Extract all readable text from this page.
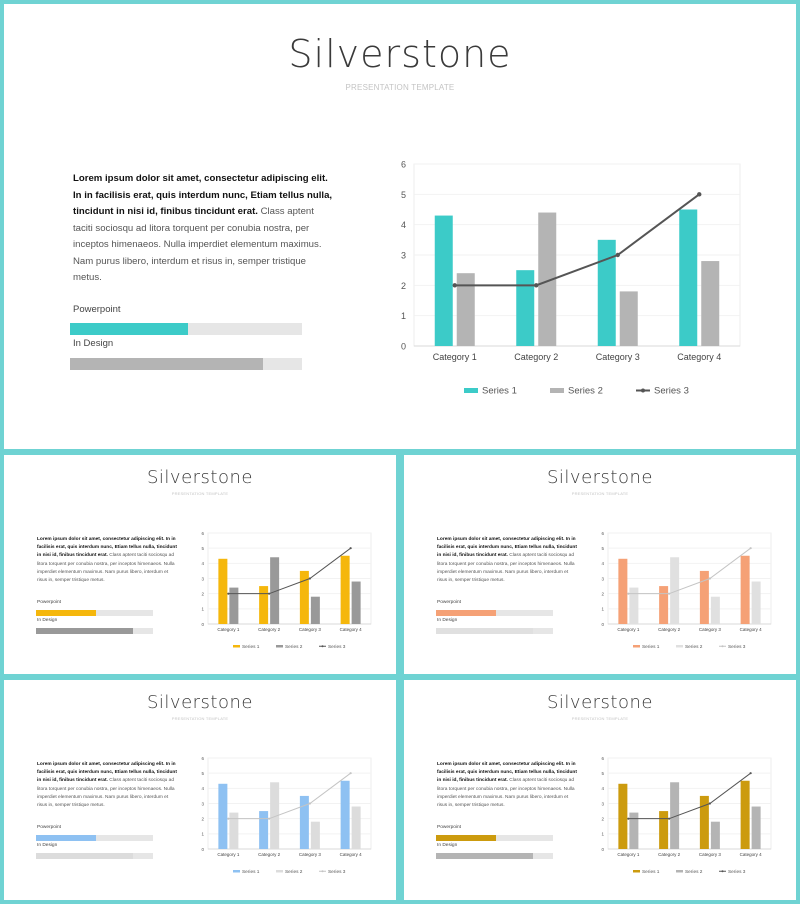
Silverstone
PRESENTATION TEMPLATE
Lorem ipsum dolor sit amet, consectetur adipiscing elit. In in facilisis erat, quis interdum nunc, Etiam tellus nulla, tincidunt in nisi id, finibus tincidunt erat. Class aptent taciti sociosqu ad litora torquent per conubia nostra, per inceptos himenaeos. Nulla imperdiet elementum maximus. Nam purus libero, interdum et risus in, semper tristique metus.
Powerpoint
In Design	0
1
2
3
4
5
6
Category 1	Category 2	Category 3	Category 4
Series 1	Series 2	Series 3
Silverstone
PRESENTATION TEMPLATE
Lorem ipsum dolor sit amet, consectetur adipiscing elit. In in facilisis erat, quis interdum nunc, Etiam tellus nulla, tincidunt in nisi id, finibus tincidunt erat. Class aptent taciti sociosqu ad litora torquent per conubia nostra, per inceptos himenaeos. Nulla imperdiet elementum maximus. Nam purus libero, interdum et risus in, semper tristique metus.
Powerpoint
In Design
0
1
2
3
4
5
6
Category 1	Category 2	Category 3	Category 4
Series 1	Series 2	Series 3
Silverstone
PRESENTATION TEMPLATE
Lorem ipsum dolor sit amet, consectetur adipiscing elit. In in facilisis erat, quis interdum nunc, Etiam tellus nulla, tincidunt in nisi id, finibus tincidunt erat. Class aptent taciti sociosqu ad litora torquent per conubia nostra, per inceptos himenaeos. Nulla imperdiet elementum maximus. Nam purus libero, interdum et risus in, semper tristique metus.
Powerpoint
In Design
0
1
2
3
4
5
6
Category 1	Category 2	Category 3	Category 4
Series 1	Series 2	Series 3
Silverstone
PRESENTATION TEMPLATE
Lorem ipsum dolor sit amet, consectetur adipiscing elit. In in facilisis erat, quis interdum nunc, Etiam tellus nulla, tincidunt in nisi id, finibus tincidunt erat. Class aptent taciti sociosqu ad litora torquent per conubia nostra, per inceptos himenaeos. Nulla imperdiet elementum maximus. Nam purus libero, interdum et risus in, semper tristique metus.
Powerpoint
In Design
0
1
2
3
4
5
6
Category 1	Category 2	Category 3	Category 4
Series 1	Series 2	Series 3
Silverstone
PRESENTATION TEMPLATE
Lorem ipsum dolor sit amet, consectetur adipiscing elit. In in facilisis erat, quis interdum nunc, Etiam tellus nulla, tincidunt in nisi id, finibus tincidunt erat. Class aptent taciti sociosqu ad litora torquent per conubia nostra, per inceptos himenaeos. Nulla imperdiet elementum maximus. Nam purus libero, interdum et risus in, semper tristique metus.
Powerpoint
In Design
0
1
2
3
4
5
6
Category 1	Category 2	Category 3	Category 4
Series 1	Series 2	Series 3
